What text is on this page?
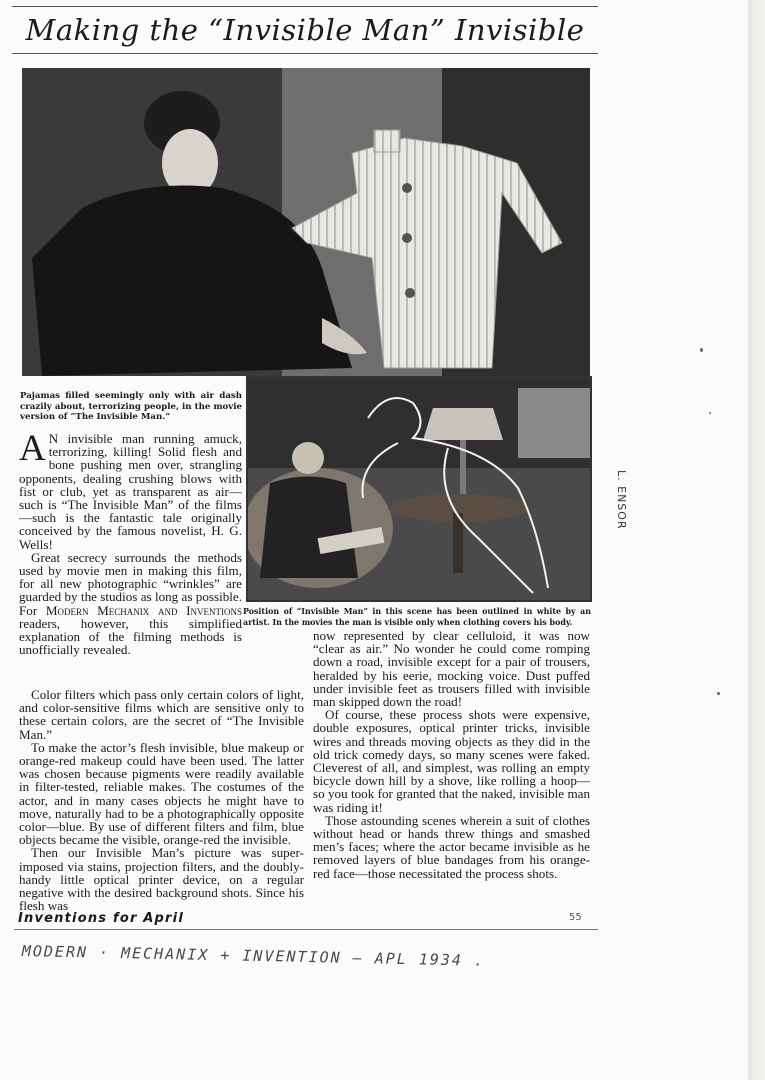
Making the “Invisible Man” Invisible
Pajamas filled seemingly only with air dash crazily about, terrorizing people, in the movie version of “The Invisible Man.”
Position of “Invisible Man” in this scene has been outlined in white by an artist. In the movies the man is visible only when clothing covers his body.

A N invisible man running amuck, terrorizing, killing! Solid flesh and bone pushing men over, strangling opponents, dealing crushing blows with fist or club, yet as transparent as air—such is “The Invisible Man” of the films—such is the fantastic tale originally conceived by the famous novelist, H. G. Wells!

Great secrecy surrounds the methods used by movie men in making this film, for all new photographic “wrinkles” are guarded by the studios as long as possible. For Modern Mechanix and Inventions readers, however, this simplified explanation of the filming methods is unofficially revealed.

Color filters which pass only certain colors of light, and color-sensitive films which are sensitive only to these certain colors, are the secret of “The Invisible Man.”

To make the actor’s flesh invisible, blue makeup or orange-red makeup could have been used. The latter was chosen because pigments were readily available in filter-tested, reliable makes. The costumes of the actor, and in many cases objects he might have to move, naturally had to be a photographically opposite color—blue. By use of different filters and film, blue objects became the visible, orange-red the invisible.

Then our Invisible Man’s picture was super-imposed via stains, projection filters, and the doubly-handy little optical printer device, on a regular negative with the desired background shots. Since his flesh was

now represented by clear celluloid, it was now “clear as air.” No wonder he could come romping down a road, invisible except for a pair of trousers, heralded by his eerie, mocking voice. Dust puffed under invisible feet as trousers filled with invisible man skipped down the road!

Of course, these process shots were expensive, double exposures, optical printer tricks, invisible wires and threads moving objects as they did in the old trick comedy days, so many scenes were faked. Cleverest of all, and simplest, was rolling an empty bicycle down hill by a shove, like rolling a hoop—so you took for granted that the naked, invisible man was riding it!

Those astounding scenes wherein a suit of clothes without head or hands threw things and smashed men’s faces; where the actor became invisible as he removed layers of blue bandages from his orange-red face—those necessitated the process shots.

Inventions for April	55
MODERN · MECHANIX + INVENTION – APL 1934 .
L. ENSOR
